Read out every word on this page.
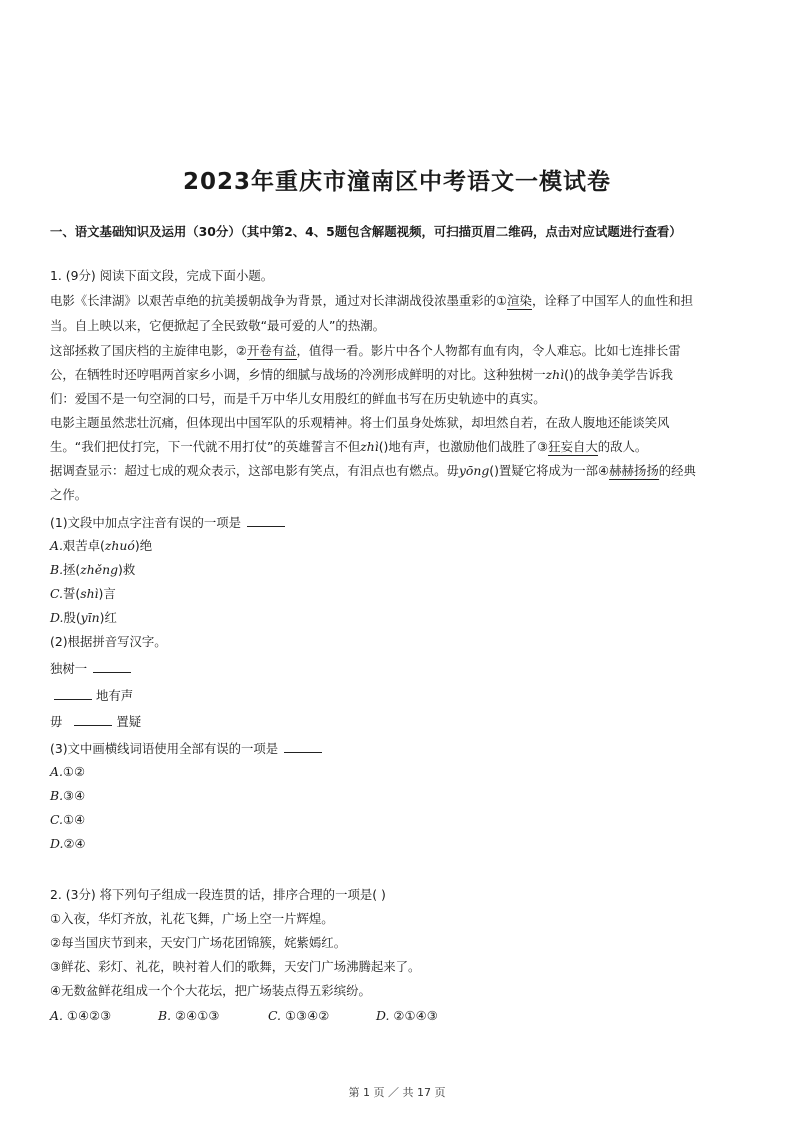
2023年重庆市潼南区中考语文一模试卷
一、语文基础知识及运用（30分）（其中第2、4、5题包含解题视频，可扫描页眉二维码，点击对应试题进行查看）
1. (9分) 阅读下面文段，完成下面小题。
电影《长津湖》以艰苦卓绝的抗美援朝战争为背景，通过对长津湖战役浓墨重彩的①渲染，诠释了中国军人的血性和担
当。自上映以来，它便掀起了全民致敬“最可爱的人”的热潮。
这部拯救了国庆档的主旋律电影，②开卷有益，值得一看。影片中各个人物都有血有肉，令人难忘。比如七连排长雷
公，在牺牲时还哼唱两首家乡小调，乡情的细腻与战场的冷冽形成鲜明的对比。这种独树一zhì()的战争美学告诉我
们：爱国不是一句空洞的口号，而是千万中华儿女用殷红的鲜血书写在历史轨迹中的真实。
电影主题虽然悲壮沉痛，但体现出中国军队的乐观精神。将士们虽身处炼狱，却坦然自若，在敌人腹地还能谈笑风
生。“我们把仗打完，下一代就不用打仗”的英雄誓言不但zhì()地有声，也激励他们战胜了③狂妄自大的敌人。
据调查显示：超过七成的观众表示，这部电影有笑点，有泪点也有燃点。毋yōng()置疑它将成为一部④赫赫扬扬的经典
之作。
(1)文段中加点字注音有误的一项是
A.艰苦卓(zhuó)绝
B.拯(zhěng)救
C.誓(shì)言
D.殷(yīn)红
(2)根据拼音写汉字。
独树一
地有声
毋	置疑
(3)文中画横线词语使用全部有误的一项是
A.①②
B.③④
C.①④
D.②④
2. (3分) 将下列句子组成一段连贯的话，排序合理的一项是( )
①入夜，华灯齐放，礼花飞舞，广场上空一片辉煌。
②每当国庆节到来，天安门广场花团锦簇，姹紫嫣红。
③鲜花、彩灯、礼花，映衬着人们的歌舞，天安门广场沸腾起来了。
④无数盆鲜花组成一个个大花坛，把广场装点得五彩缤纷。
A. ①④②③	B. ②④①③	C. ①③④②	D. ②①④③
第 1 页 ／ 共 17 页
